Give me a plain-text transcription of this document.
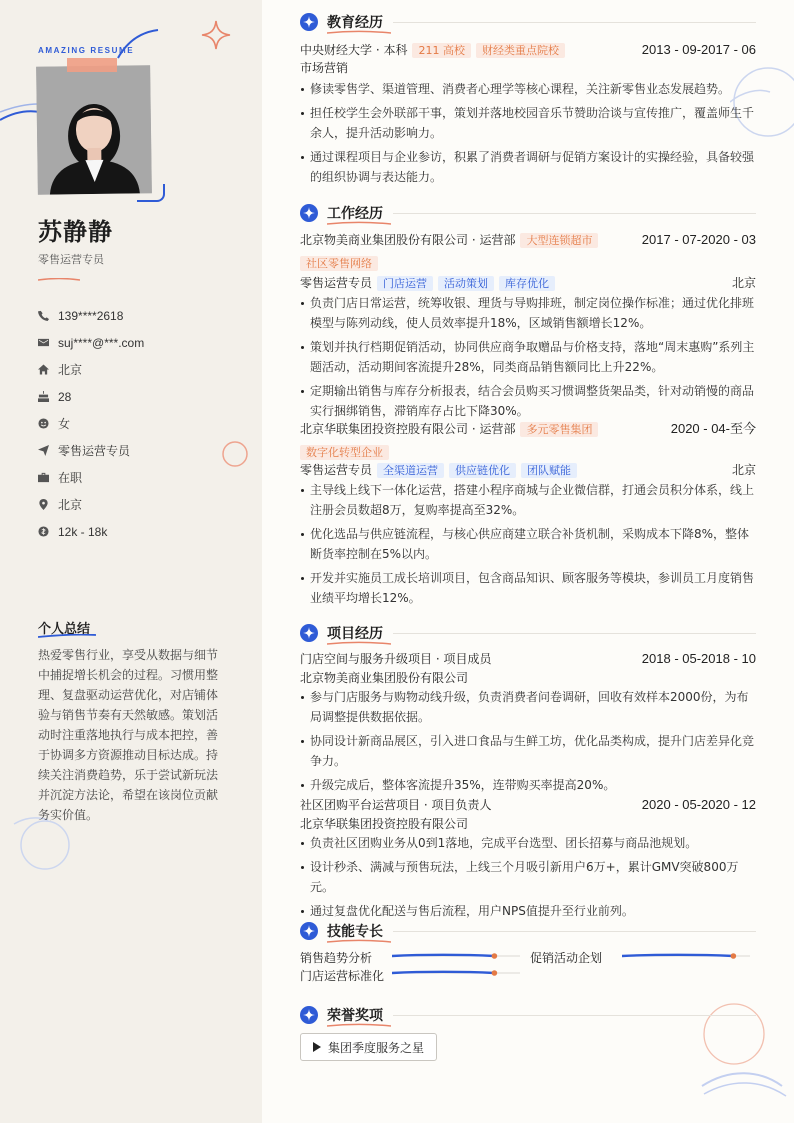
AMAZING RESUME
苏静静
零售运营专员
139****2618
suj****@***.com
北京
28
女
零售运营专员
在职
北京
12k - 18k
个人总结

热爱零售行业，享受从数据与细节中捕捉增长机会的过程。习惯用整理、复盘驱动运营优化，对店铺体验与销售节奏有天然敏感。策划活动时注重落地执行与成本把控，善于协调多方资源推动目标达成。持续关注消费趋势，乐于尝试新玩法并沉淀方法论，希望在该岗位贡献务实价值。

教育经历
中央财经大学 · 本科	211 高校	财经类重点院校	2013 - 09-2017 - 06
市场营销
修读零售学、渠道管理、消费者心理学等核心课程，关注新零售业态发展趋势。
担任校学生会外联部干事，策划并落地校园音乐节赞助洽谈与宣传推广，覆盖师生千余人，提升活动影响力。
通过课程项目与企业参访，积累了消费者调研与促销方案设计的实操经验，具备较强的组织协调与表达能力。
工作经历
北京物美商业集团股份有限公司 · 运营部	大型连锁超市	2017 - 07-2020 - 03
社区零售网络
零售运营专员	门店运营	活动策划	库存优化	北京
负责门店日常运营，统筹收银、理货与导购排班，制定岗位操作标准；通过优化排班模型与陈列动线，使人员效率提升18%，区域销售额增长12%。
策划并执行档期促销活动，协同供应商争取赠品与价格支持，落地“周末惠购”系列主题活动，活动期间客流提升28%，同类商品销售额同比上升22%。
定期输出销售与库存分析报表，结合会员购买习惯调整货架品类，针对动销慢的商品实行捆绑销售，滞销库存占比下降30%。
北京华联集团投资控股有限公司 · 运营部	多元零售集团	2020 - 04-至今
数字化转型企业
零售运营专员	全渠道运营	供应链优化	团队赋能	北京
主导线上线下一体化运营，搭建小程序商城与企业微信群，打通会员积分体系，线上注册会员数超8万，复购率提高至32%。
优化选品与供应链流程，与核心供应商建立联合补货机制，采购成本下降8%，整体断货率控制在5%以内。
开发并实施员工成长培训项目，包含商品知识、顾客服务等模块，参训员工月度销售业绩平均增长12%。
项目经历
门店空间与服务升级项目 · 项目成员	2018 - 05-2018 - 10
北京物美商业集团股份有限公司
参与门店服务与购物动线升级，负责消费者问卷调研，回收有效样本2000份，为布局调整提供数据依据。
协同设计新商品展区，引入进口食品与生鲜工坊，优化品类构成，提升门店差异化竞争力。
升级完成后，整体客流提升35%，连带购买率提高20%。
社区团购平台运营项目 · 项目负责人	2020 - 05-2020 - 12
北京华联集团投资控股有限公司
负责社区团购业务从0到1落地，完成平台选型、团长招募与商品池规划。
设计秒杀、满减与预售玩法，上线三个月吸引新用户6万+，累计GMV突破800万元。
通过复盘优化配送与售后流程，用户NPS值提升至行业前列。
技能专长
销售趋势分析	促销活动企划
门店运营标准化
荣誉奖项
集团季度服务之星
